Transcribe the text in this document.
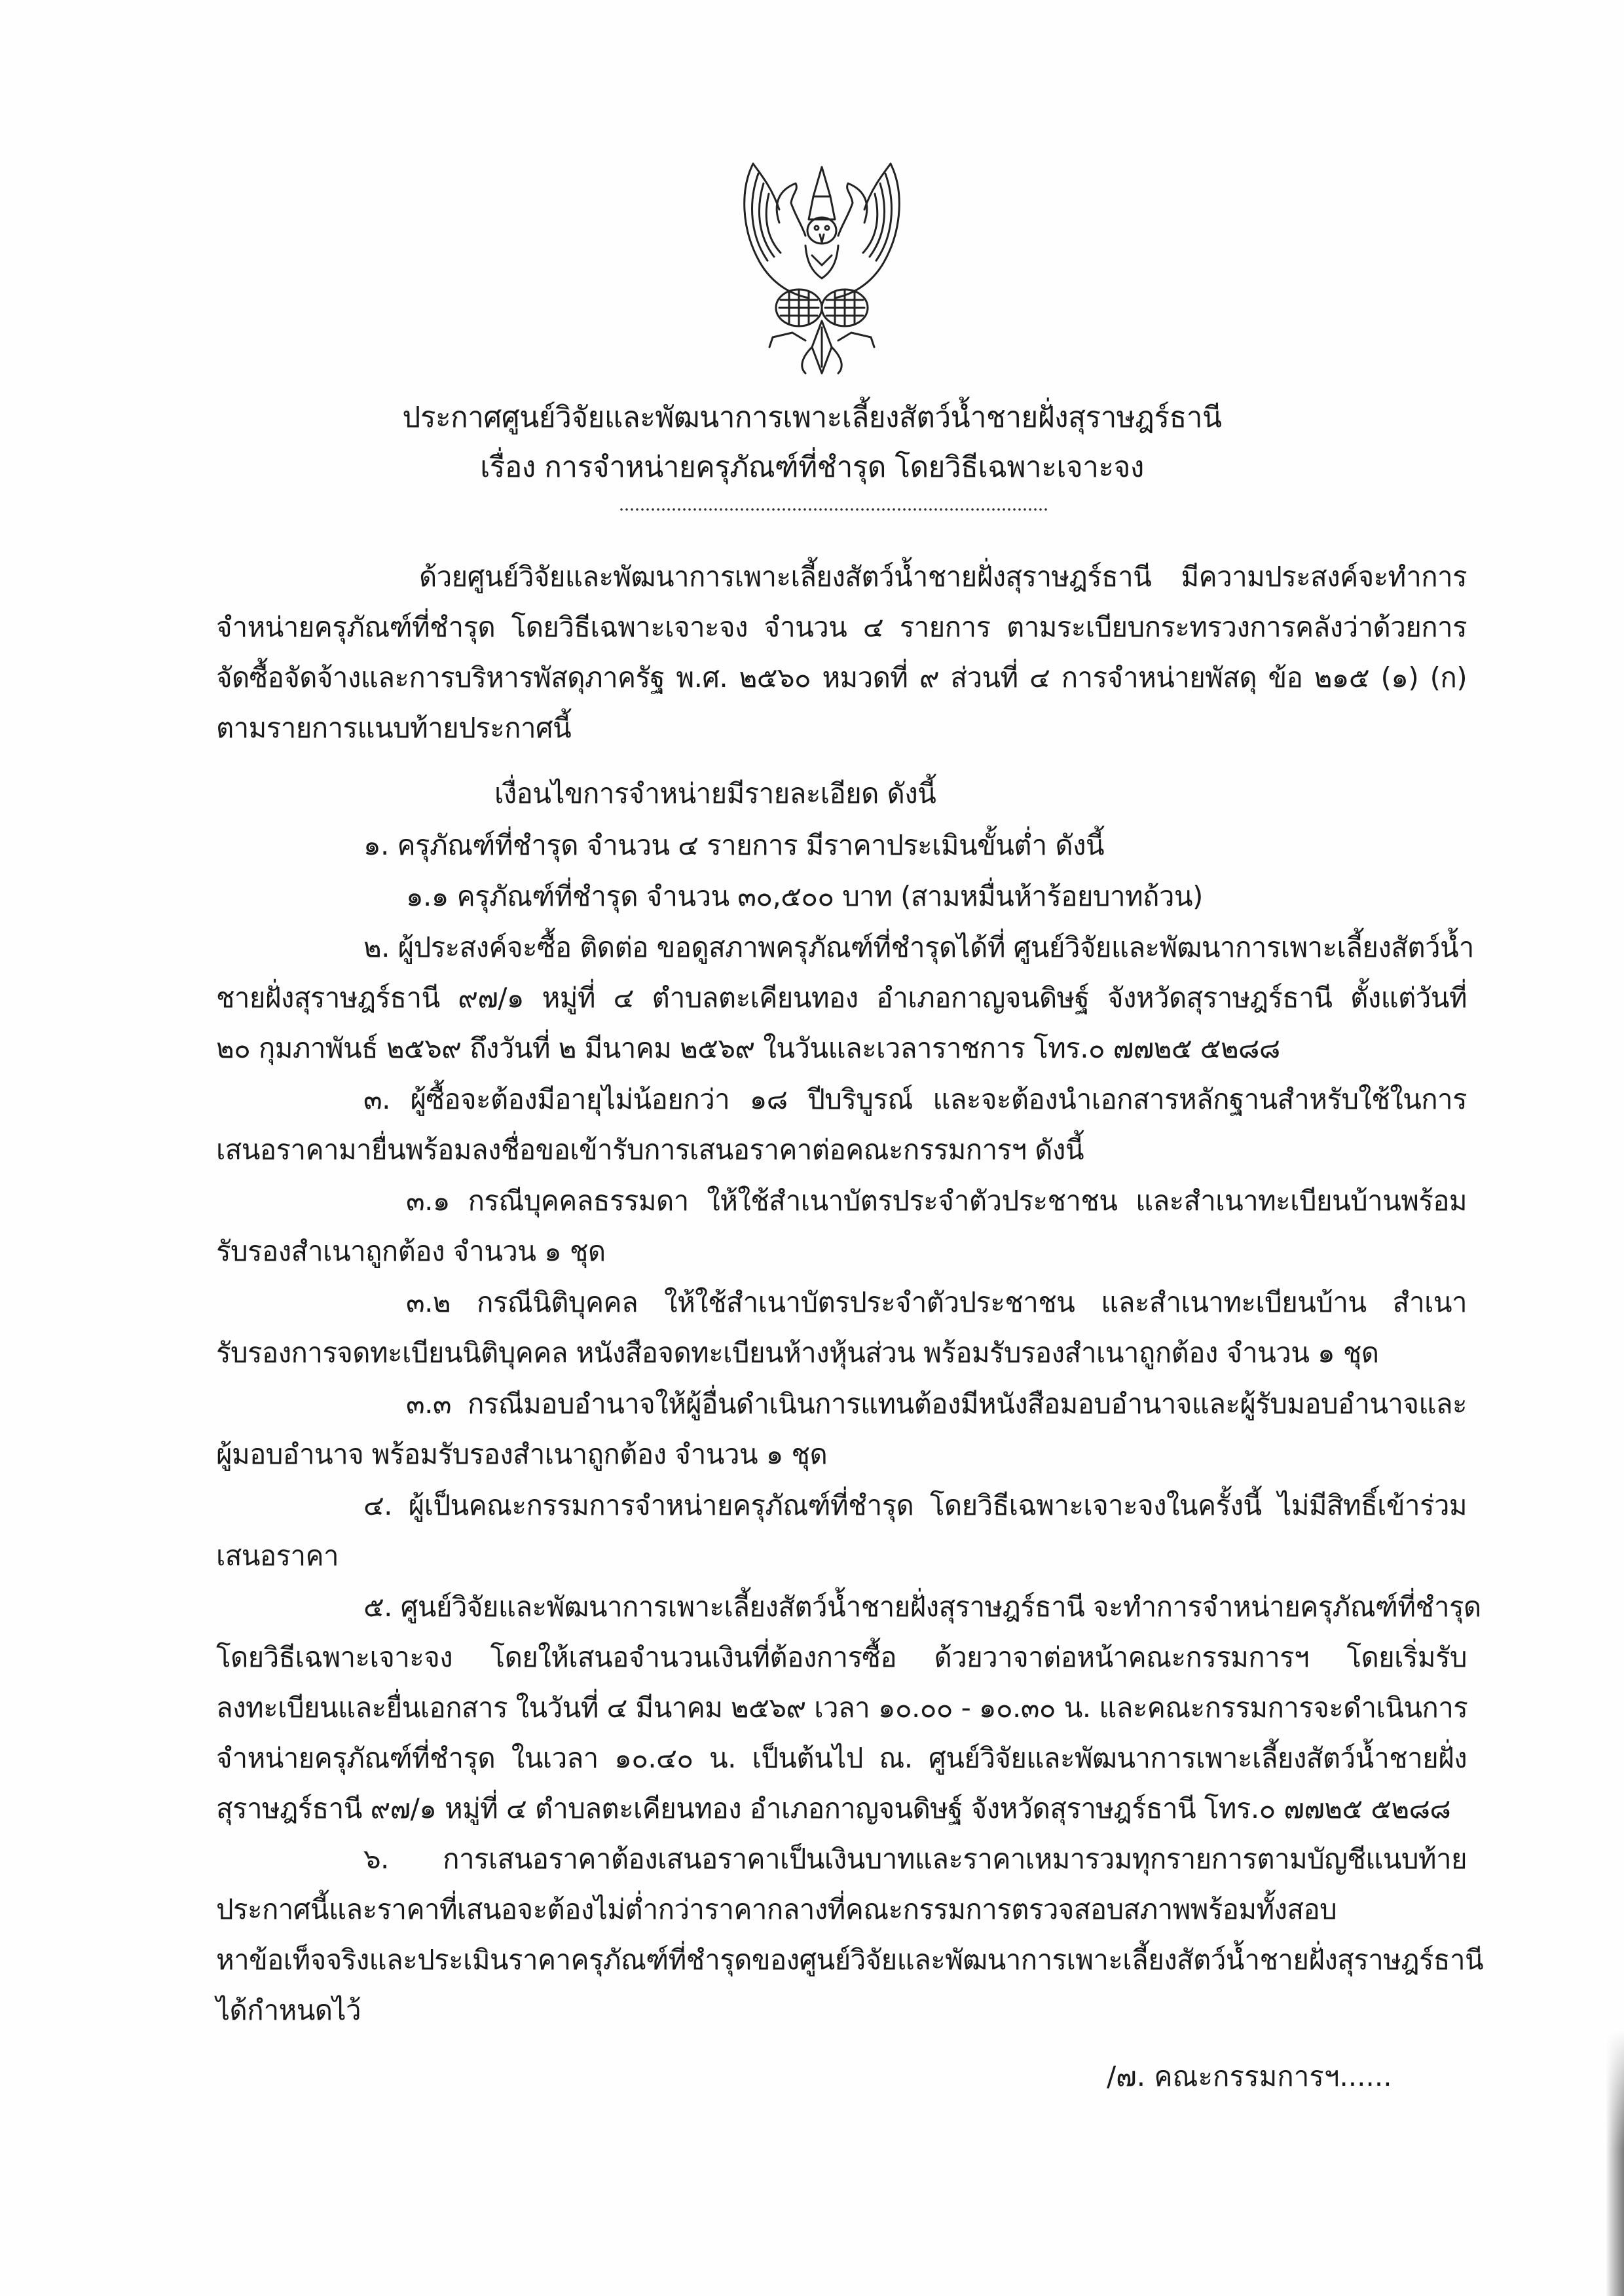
ประกาศศูนย์วิจัยและพัฒนาการเพาะเลี้ยงสัตว์น้ำชายฝั่งสุราษฎร์ธานี
เรื่อง การจำหน่ายครุภัณฑ์ที่ชำรุด โดยวิธีเฉพาะเจาะจง
ด้วยศูนย์วิจัยและพัฒนาการเพาะเลี้ยงสัตว์น้ำชายฝั่งสุราษฎร์ธานี มีความประสงค์จะทำการ
จำหน่ายครุภัณฑ์ที่ชำรุด โดยวิธีเฉพาะเจาะจง จำนวน ๔ รายการ ตามระเบียบกระทรวงการคลังว่าด้วยการ
จัดซื้อจัดจ้างและการบริหารพัสดุภาครัฐ พ.ศ. ๒๕๖๐ หมวดที่ ๙ ส่วนที่ ๔ การจำหน่ายพัสดุ ข้อ ๒๑๕ (๑) (ก)
ตามรายการแนบท้ายประกาศนี้
เงื่อนไขการจำหน่ายมีรายละเอียด ดังนี้
๑. ครุภัณฑ์ที่ชำรุด จำนวน ๔ รายการ มีราคาประเมินขั้นต่ำ ดังนี้
๑.๑ ครุภัณฑ์ที่ชำรุด จำนวน ๓๐,๕๐๐ บาท (สามหมื่นห้าร้อยบาทถ้วน)
๒. ผู้ประสงค์จะซื้อ ติดต่อ ขอดูสภาพครุภัณฑ์ที่ชำรุดได้ที่ ศูนย์วิจัยและพัฒนาการเพาะเลี้ยงสัตว์น้ำ
ชายฝั่งสุราษฎร์ธานี ๙๗/๑ หมู่ที่ ๔ ตำบลตะเคียนทอง อำเภอกาญจนดิษฐ์ จังหวัดสุราษฎร์ธานี ตั้งแต่วันที่
๒๐ กุมภาพันธ์ ๒๕๖๙ ถึงวันที่ ๒ มีนาคม ๒๕๖๙ ในวันและเวลาราชการ โทร.๐ ๗๗๒๕ ๕๒๘๘
๓. ผู้ซื้อจะต้องมีอายุไม่น้อยกว่า ๑๘ ปีบริบูรณ์ และจะต้องนำเอกสารหลักฐานสำหรับใช้ในการ
เสนอราคามายื่นพร้อมลงชื่อขอเข้ารับการเสนอราคาต่อคณะกรรมการฯ ดังนี้
๓.๑ กรณีบุคคลธรรมดา ให้ใช้สำเนาบัตรประจำตัวประชาชน และสำเนาทะเบียนบ้านพร้อม
รับรองสำเนาถูกต้อง จำนวน ๑ ชุด
๓.๒ กรณีนิติบุคคล ให้ใช้สำเนาบัตรประจำตัวประชาชน และสำเนาทะเบียนบ้าน สำเนา
รับรองการจดทะเบียนนิติบุคคล หนังสือจดทะเบียนห้างหุ้นส่วน พร้อมรับรองสำเนาถูกต้อง จำนวน ๑ ชุด
๓.๓ กรณีมอบอำนาจให้ผู้อื่นดำเนินการแทนต้องมีหนังสือมอบอำนาจและผู้รับมอบอำนาจและ
ผู้มอบอำนาจ พร้อมรับรองสำเนาถูกต้อง จำนวน ๑ ชุด
๔. ผู้เป็นคณะกรรมการจำหน่ายครุภัณฑ์ที่ชำรุด โดยวิธีเฉพาะเจาะจงในครั้งนี้ ไม่มีสิทธิ์เข้าร่วม
เสนอราคา
๕. ศูนย์วิจัยและพัฒนาการเพาะเลี้ยงสัตว์น้ำชายฝั่งสุราษฎร์ธานี จะทำการจำหน่ายครุภัณฑ์ที่ชำรุด
โดยวิธีเฉพาะเจาะจง โดยให้เสนอจำนวนเงินที่ต้องการซื้อ ด้วยวาจาต่อหน้าคณะกรรมการฯ โดยเริ่มรับ
ลงทะเบียนและยื่นเอกสาร ในวันที่ ๔ มีนาคม ๒๕๖๙ เวลา ๑๐.๐๐ - ๑๐.๓๐ น. และคณะกรรมการจะดำเนินการ
จำหน่ายครุภัณฑ์ที่ชำรุด ในเวลา ๑๐.๔๐ น. เป็นต้นไป ณ. ศูนย์วิจัยและพัฒนาการเพาะเลี้ยงสัตว์น้ำชายฝั่ง
สุราษฎร์ธานี ๙๗/๑ หมู่ที่ ๔ ตำบลตะเคียนทอง อำเภอกาญจนดิษฐ์ จังหวัดสุราษฎร์ธานี โทร.๐ ๗๗๒๕ ๕๒๘๘
๖. การเสนอราคาต้องเสนอราคาเป็นเงินบาทและราคาเหมารวมทุกรายการตามบัญชีแนบท้าย
ประกาศนี้และราคาที่เสนอจะต้องไม่ต่ำกว่าราคากลางที่คณะกรรมการตรวจสอบสภาพพร้อมทั้งสอบ
หาข้อเท็จจริงและประเมินราคาครุภัณฑ์ที่ชำรุดของศูนย์วิจัยและพัฒนาการเพาะเลี้ยงสัตว์น้ำชายฝั่งสุราษฎร์ธานี
ได้กำหนดไว้
/๗. คณะกรรมการฯ......
